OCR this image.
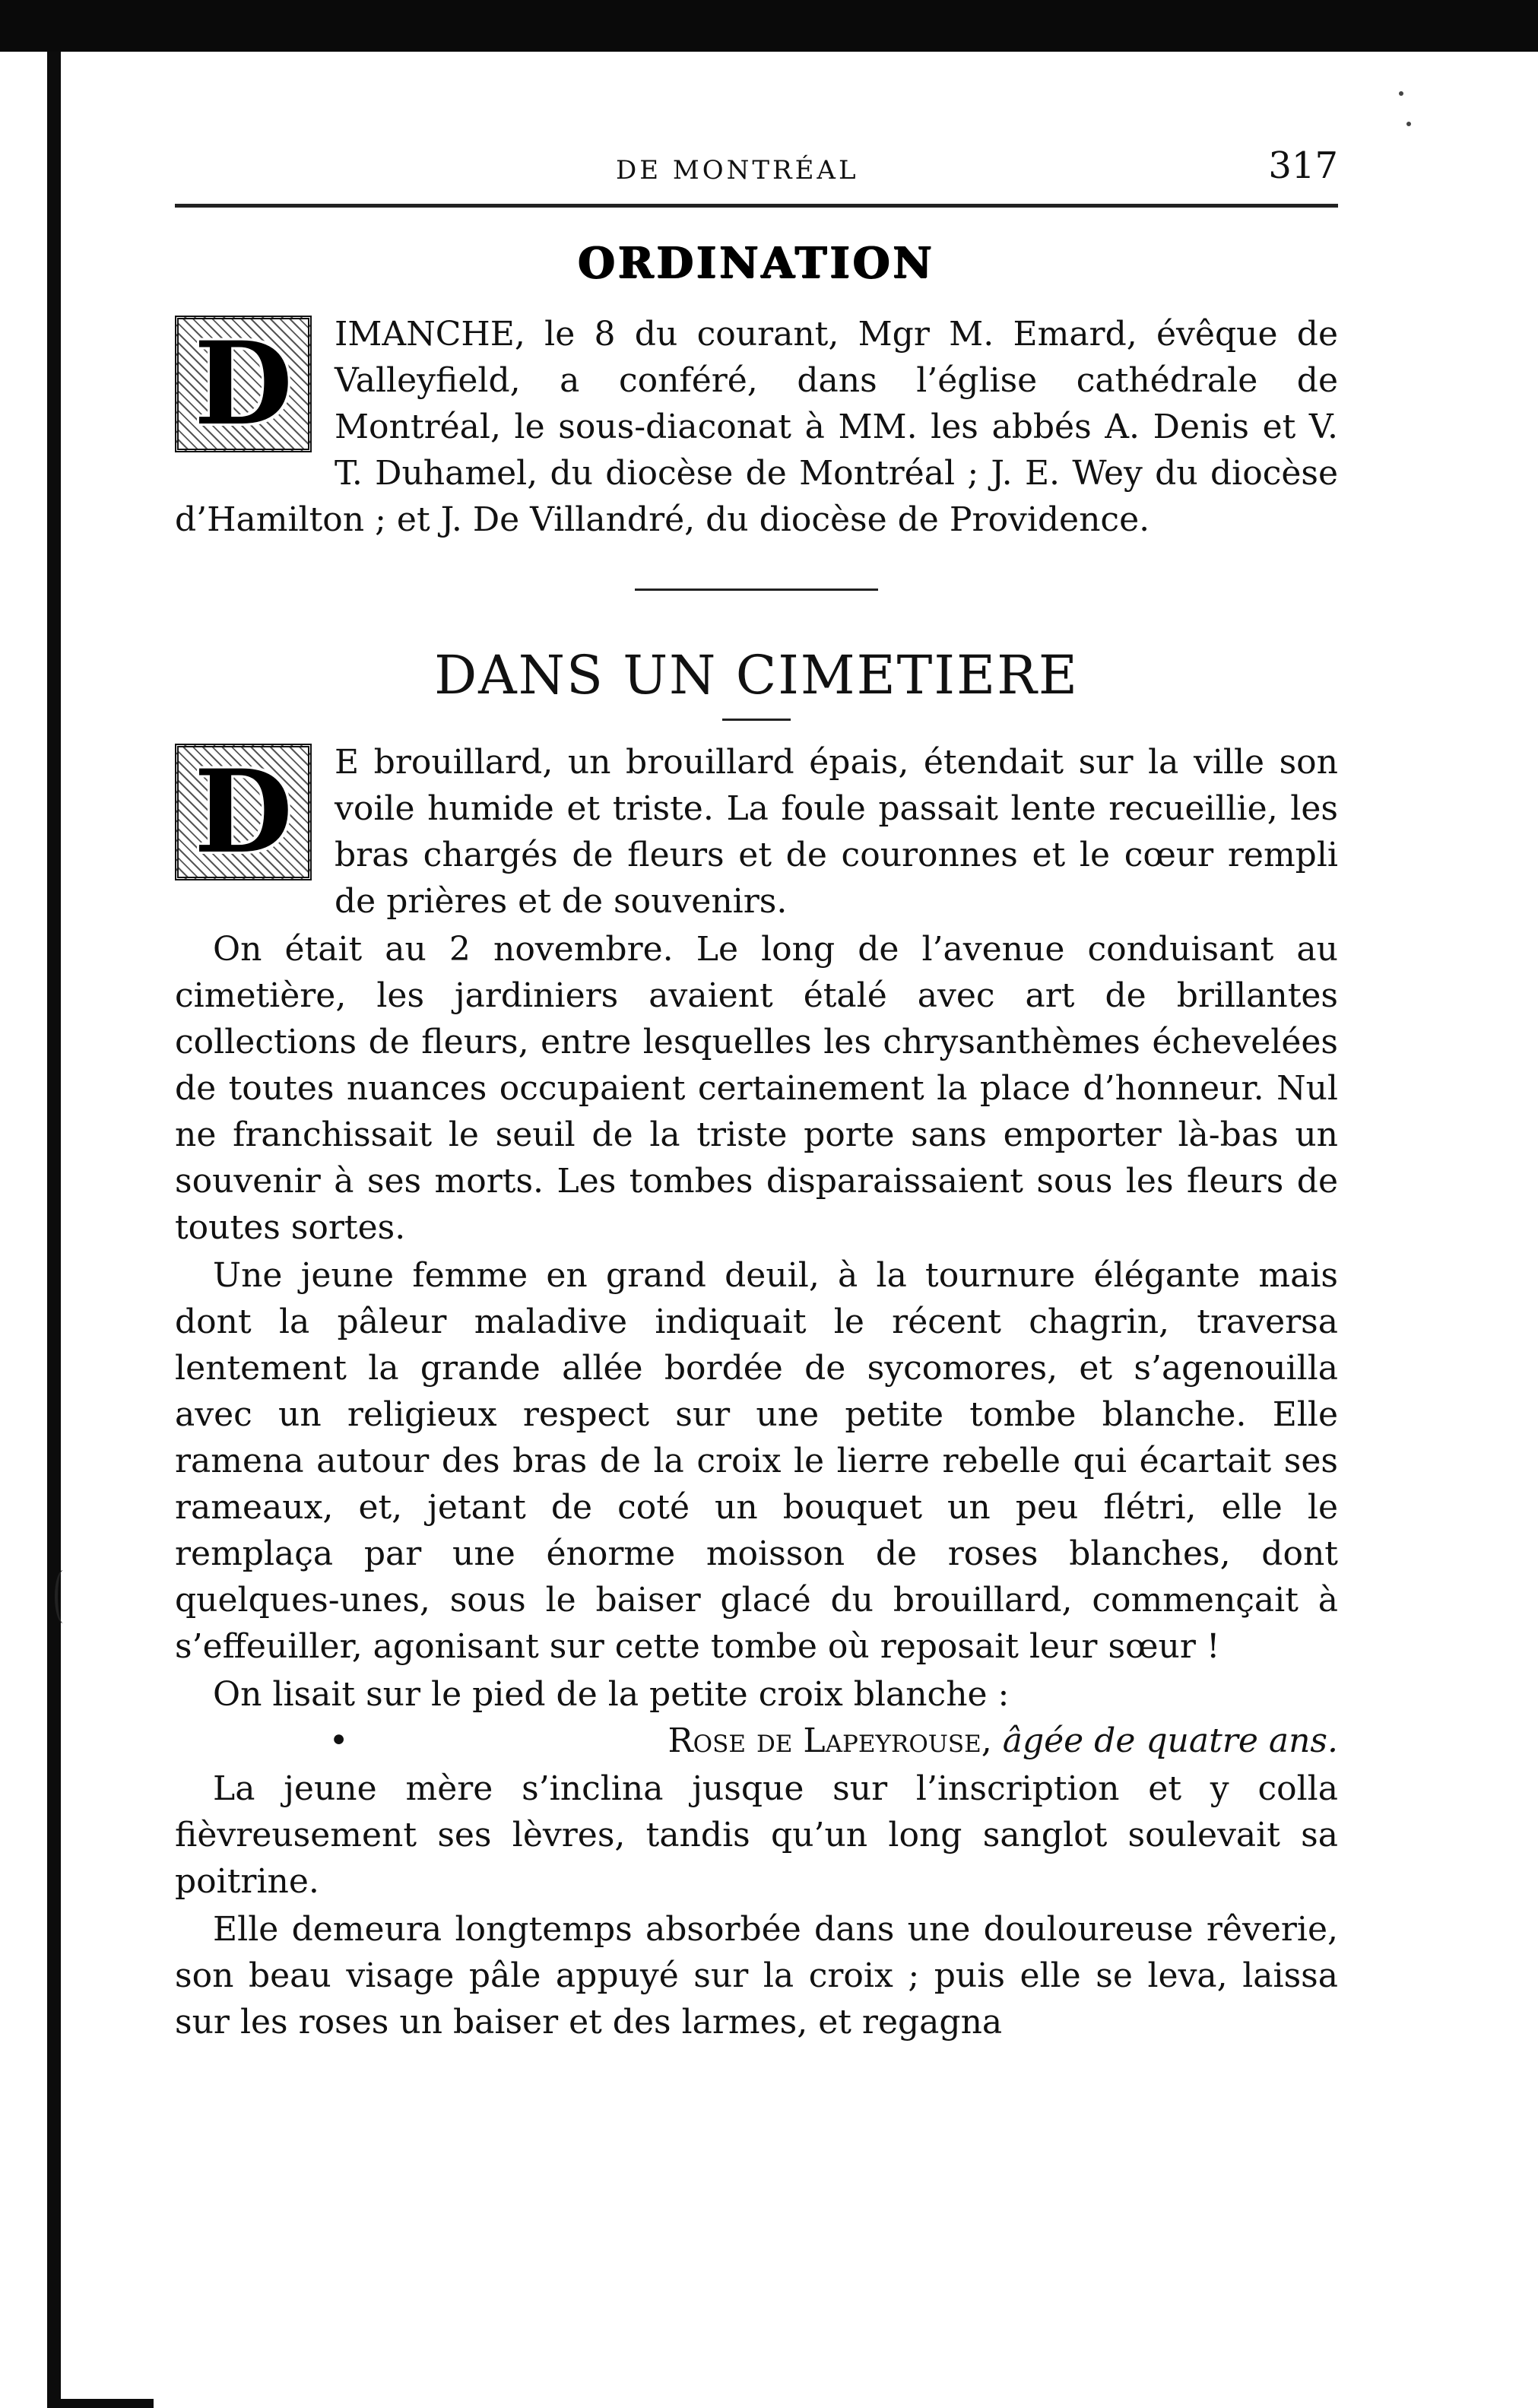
DE MONTRÉAL	317
ORDINATION
D	IMANCHE, le 8 du courant, Mgr M. Emard, évêque de Valleyfield, a conféré, dans l’église cathédrale de Montréal, le sous-diaconat à MM. les abbés A. Denis et V. T. Duhamel, du diocèse de Montréal ; J. E. Wey du diocèse d’Hamilton ; et J. De Villandré, du diocèse de Providence.

DANS UN CIMETIERE
D	E brouillard, un brouillard épais, étendait sur la ville son voile humide et triste. La foule passait lente recueillie, les bras chargés de fleurs et de couronnes et le cœur rempli de prières et de souvenirs.

On était au 2 novembre. Le long de l’avenue conduisant au cimetière, les jardiniers avaient étalé avec art de brillantes collections de fleurs, entre lesquelles les chrysanthèmes échevelées de toutes nuances occupaient certainement la place d’honneur. Nul ne franchissait le seuil de la triste porte sans emporter là-bas un souvenir à ses morts. Les tombes disparaissaient sous les fleurs de toutes sortes.

Une jeune femme en grand deuil, à la tournure élégante mais dont la pâleur maladive indiquait le récent chagrin, traversa lentement la grande allée bordée de sycomores, et s’agenouilla avec un religieux respect sur une petite tombe blanche. Elle ramena autour des bras de la croix le lierre rebelle qui écartait ses rameaux, et, jetant de coté un bouquet un peu flétri, elle le remplaça par une énorme moisson de roses blanches, dont quelques-unes, sous le baiser glacé du brouillard, commençait à s’effeuiller, agonisant sur cette tombe où reposait leur sœur !

On lisait sur le pied de la petite croix blanche :

•	Rose de Lapeyrouse, âgée de quatre ans.

La jeune mère s’inclina jusque sur l’inscription et y colla fièvreusement ses lèvres, tandis qu’un long sanglot soulevait sa poitrine.

Elle demeura longtemps absorbée dans une douloureuse rêverie, son beau visage pâle appuyé sur la croix ; puis elle se leva, laissa sur les roses un baiser et des larmes, et regagna
